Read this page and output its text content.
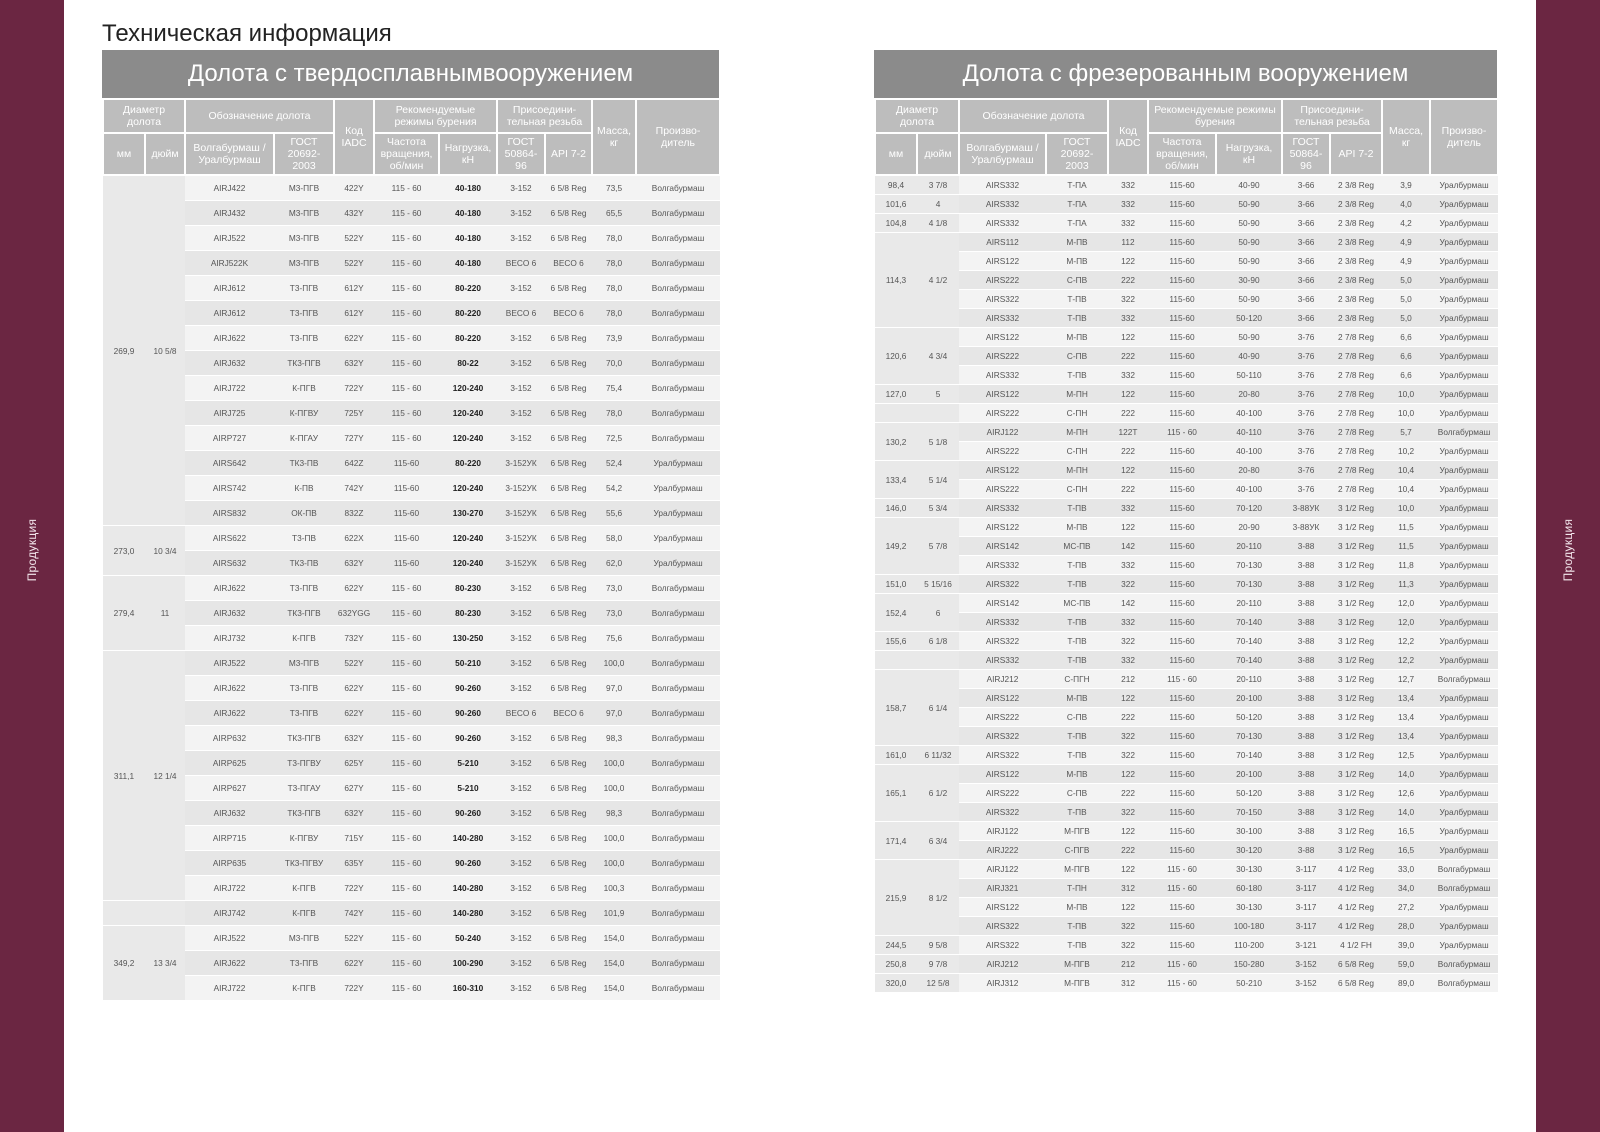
Продукция	Продукция
Техническая информация
Долота с твердосплавнымвооружением
Диаметр долота		Обозначение долота		Код IADC	Рекомендуемые режимы бурения		Присоедини- тельная резьба		Масса, кг	Произво- дитель
мм	дюйм	Волгабурмаш / Уралбурмаш	ГОСТ 20692- 2003		Частота вращения, об/мин	Нагрузка, кН	ГОСТ 50864- 96	API 7-2		
269,9	10 5/8	AIRJ422	М3-ПГВ	422Y	115 - 60	40-180	3-152	6 5/8 Reg	73,5	Волгабурмаш
		AIRJ432	М3-ПГВ	432Y	115 - 60	40-180	3-152	6 5/8 Reg	65,5	Волгабурмаш
		AIRJ522	М3-ПГВ	522Y	115 - 60	40-180	3-152	6 5/8 Reg	78,0	Волгабурмаш
		AIRJ522K	М3-ПГВ	522Y	115 - 60	40-180	BECO 6	BECO 6	78,0	Волгабурмаш
		AIRJ612	Т3-ПГВ	612Y	115 - 60	80-220	3-152	6 5/8 Reg	78,0	Волгабурмаш
		AIRJ612	Т3-ПГВ	612Y	115 - 60	80-220	BECO 6	BECO 6	78,0	Волгабурмаш
		AIRJ622	Т3-ПГВ	622Y	115 - 60	80-220	3-152	6 5/8 Reg	73,9	Волгабурмаш
		AIRJ632	ТК3-ПГВ	632Y	115 - 60	80-22	3-152	6 5/8 Reg	70,0	Волгабурмаш
		AIRJ722	К-ПГВ	722Y	115 - 60	120-240	3-152	6 5/8 Reg	75,4	Волгабурмаш
		AIRJ725	К-ПГВУ	725Y	115 - 60	120-240	3-152	6 5/8 Reg	78,0	Волгабурмаш
		AIRP727	К-ПГАУ	727Y	115 - 60	120-240	3-152	6 5/8 Reg	72,5	Волгабурмаш
		AIRS642	ТК3-ПВ	642Z	115-60	80-220	3-152УК	6 5/8 Reg	52,4	Уралбурмаш
		AIRS742	К-ПВ	742Y	115-60	120-240	3-152УК	6 5/8 Reg	54,2	Уралбурмаш
		AIRS832	ОК-ПВ	832Z	115-60	130-270	3-152УК	6 5/8 Reg	55,6	Уралбурмаш
273,0	10 3/4	AIRS622	Т3-ПВ	622X	115-60	120-240	3-152УК	6 5/8 Reg	58,0	Уралбурмаш
		AIRS632	ТК3-ПВ	632Y	115-60	120-240	3-152УК	6 5/8 Reg	62,0	Уралбурмаш
279,4	11	AIRJ622	Т3-ПГВ	622Y	115 - 60	80-230	3-152	6 5/8 Reg	73,0	Волгабурмаш
		AIRJ632	ТК3-ПГВ	632YGG	115 - 60	80-230	3-152	6 5/8 Reg	73,0	Волгабурмаш
		AIRJ732	К-ПГВ	732Y	115 - 60	130-250	3-152	6 5/8 Reg	75,6	Волгабурмаш
311,1	12 1/4	AIRJ522	М3-ПГВ	522Y	115 - 60	50-210	3-152	6 5/8 Reg	100,0	Волгабурмаш
		AIRJ622	Т3-ПГВ	622Y	115 - 60	90-260	3-152	6 5/8 Reg	97,0	Волгабурмаш
		AIRJ622	Т3-ПГВ	622Y	115 - 60	90-260	BECO 6	BECO 6	97,0	Волгабурмаш
		AIRP632	ТК3-ПГВ	632Y	115 - 60	90-260	3-152	6 5/8 Reg	98,3	Волгабурмаш
		AIRP625	Т3-ПГВУ	625Y	115 - 60	5-210	3-152	6 5/8 Reg	100,0	Волгабурмаш
		AIRP627	Т3-ПГАУ	627Y	115 - 60	5-210	3-152	6 5/8 Reg	100,0	Волгабурмаш
		AIRJ632	ТК3-ПГВ	632Y	115 - 60	90-260	3-152	6 5/8 Reg	98,3	Волгабурмаш
		AIRP715	К-ПГВУ	715Y	115 - 60	140-280	3-152	6 5/8 Reg	100,0	Волгабурмаш
		AIRP635	ТК3-ПГВУ	635Y	115 - 60	90-260	3-152	6 5/8 Reg	100,0	Волгабурмаш
		AIRJ722	К-ПГВ	722Y	115 - 60	140-280	3-152	6 5/8 Reg	100,3	Волгабурмаш
		AIRJ742	К-ПГВ	742Y	115 - 60	140-280	3-152	6 5/8 Reg	101,9	Волгабурмаш
349,2	13 3/4	AIRJ522	М3-ПГВ	522Y	115 - 60	50-240	3-152	6 5/8 Reg	154,0	Волгабурмаш
		AIRJ622	Т3-ПГВ	622Y	115 - 60	100-290	3-152	6 5/8 Reg	154,0	Волгабурмаш
		AIRJ722	К-ПГВ	722Y	115 - 60	160-310	3-152	6 5/8 Reg	154,0	Волгабурмаш
Долота с фрезерованным вооружением
Диаметр долота		Обозначение долота		Код IADC	Рекомендуемые режимы бурения		Присоедини- тельная резьба		Масса, кг	Произво- дитель
мм	дюйм	Волгабурмаш / Уралбурмаш	ГОСТ 20692- 2003		Частота вращения, об/мин	Нагрузка, кН	ГОСТ 50864- 96	API 7-2		
98,4	3 7/8	AIRS332	Т-ПА	332	115-60	40-90	3-66	2 3/8 Reg	3,9	Уралбурмаш
101,6	4	AIRS332	Т-ПА	332	115-60	50-90	3-66	2 3/8 Reg	4,0	Уралбурмаш
104,8	4 1/8	AIRS332	Т-ПА	332	115-60	50-90	3-66	2 3/8 Reg	4,2	Уралбурмаш
114,3	4 1/2	AIRS112	М-ПВ	112	115-60	50-90	3-66	2 3/8 Reg	4,9	Уралбурмаш
		AIRS122	М-ПВ	122	115-60	50-90	3-66	2 3/8 Reg	4,9	Уралбурмаш
		AIRS222	С-ПВ	222	115-60	30-90	3-66	2 3/8 Reg	5,0	Уралбурмаш
		AIRS322	Т-ПВ	322	115-60	50-90	3-66	2 3/8 Reg	5,0	Уралбурмаш
		AIRS332	Т-ПВ	332	115-60	50-120	3-66	2 3/8 Reg	5,0	Уралбурмаш
120,6	4 3/4	AIRS122	М-ПВ	122	115-60	50-90	3-76	2 7/8 Reg	6,6	Уралбурмаш
		AIRS222	С-ПВ	222	115-60	40-90	3-76	2 7/8 Reg	6,6	Уралбурмаш
		AIRS332	Т-ПВ	332	115-60	50-110	3-76	2 7/8 Reg	6,6	Уралбурмаш
127,0	5	AIRS122	М-ПН	122	115-60	20-80	3-76	2 7/8 Reg	10,0	Уралбурмаш
		AIRS222	С-ПН	222	115-60	40-100	3-76	2 7/8 Reg	10,0	Уралбурмаш
130,2	5 1/8	AIRJ122	М-ПН	122T	115 - 60	40-110	3-76	2 7/8 Reg	5,7	Волгабурмаш
		AIRS222	С-ПН	222	115-60	40-100	3-76	2 7/8 Reg	10,2	Уралбурмаш
133,4	5 1/4	AIRS122	М-ПН	122	115-60	20-80	3-76	2 7/8 Reg	10,4	Уралбурмаш
		AIRS222	С-ПН	222	115-60	40-100	3-76	2 7/8 Reg	10,4	Уралбурмаш
146,0	5 3/4	AIRS332	Т-ПВ	332	115-60	70-120	3-88УК	3 1/2 Reg	10,0	Уралбурмаш
149,2	5 7/8	AIRS122	М-ПВ	122	115-60	20-90	3-88УК	3 1/2 Reg	11,5	Уралбурмаш
		AIRS142	МС-ПВ	142	115-60	20-110	3-88	3 1/2 Reg	11,5	Уралбурмаш
		AIRS332	Т-ПВ	332	115-60	70-130	3-88	3 1/2 Reg	11,8	Уралбурмаш
151,0	5 15/16	AIRS322	Т-ПВ	322	115-60	70-130	3-88	3 1/2 Reg	11,3	Уралбурмаш
152,4	6	AIRS142	МС-ПВ	142	115-60	20-110	3-88	3 1/2 Reg	12,0	Уралбурмаш
		AIRS332	Т-ПВ	332	115-60	70-140	3-88	3 1/2 Reg	12,0	Уралбурмаш
155,6	6 1/8	AIRS322	Т-ПВ	322	115-60	70-140	3-88	3 1/2 Reg	12,2	Уралбурмаш
		AIRS332	Т-ПВ	332	115-60	70-140	3-88	3 1/2 Reg	12,2	Уралбурмаш
158,7	6 1/4	AIRJ212	С-ПГН	212	115 - 60	20-110	3-88	3 1/2 Reg	12,7	Волгабурмаш
		AIRS122	М-ПВ	122	115-60	20-100	3-88	3 1/2 Reg	13,4	Уралбурмаш
		AIRS222	С-ПВ	222	115-60	50-120	3-88	3 1/2 Reg	13,4	Уралбурмаш
		AIRS322	Т-ПВ	322	115-60	70-130	3-88	3 1/2 Reg	13,4	Уралбурмаш
161,0	6 11/32	AIRS322	Т-ПВ	322	115-60	70-140	3-88	3 1/2 Reg	12,5	Уралбурмаш
165,1	6 1/2	AIRS122	М-ПВ	122	115-60	20-100	3-88	3 1/2 Reg	14,0	Уралбурмаш
		AIRS222	С-ПВ	222	115-60	50-120	3-88	3 1/2 Reg	12,6	Уралбурмаш
		AIRS322	Т-ПВ	322	115-60	70-150	3-88	3 1/2 Reg	14,0	Уралбурмаш
171,4	6 3/4	AIRJ122	М-ПГВ	122	115-60	30-100	3-88	3 1/2 Reg	16,5	Уралбурмаш
		AIRJ222	С-ПГВ	222	115-60	30-120	3-88	3 1/2 Reg	16,5	Уралбурмаш
215,9	8 1/2	AIRJ122	М-ПГВ	122	115 - 60	30-130	3-117	4 1/2 Reg	33,0	Волгабурмаш
		AIRJ321	Т-ПН	312	115 - 60	60-180	3-117	4 1/2 Reg	34,0	Волгабурмаш
		AIRS122	М-ПВ	122	115-60	30-130	3-117	4 1/2 Reg	27,2	Уралбурмаш
		AIRS322	Т-ПВ	322	115-60	100-180	3-117	4 1/2 Reg	28,0	Уралбурмаш
244,5	9 5/8	AIRS322	Т-ПВ	322	115-60	110-200	3-121	4 1/2 FH	39,0	Уралбурмаш
250,8	9 7/8	AIRJ212	М-ПГВ	212	115 - 60	150-280	3-152	6 5/8 Reg	59,0	Волгабурмаш
320,0	12 5/8	AIRJ312	М-ПГВ	312	115 - 60	50-210	3-152	6 5/8 Reg	89,0	Волгабурмаш
